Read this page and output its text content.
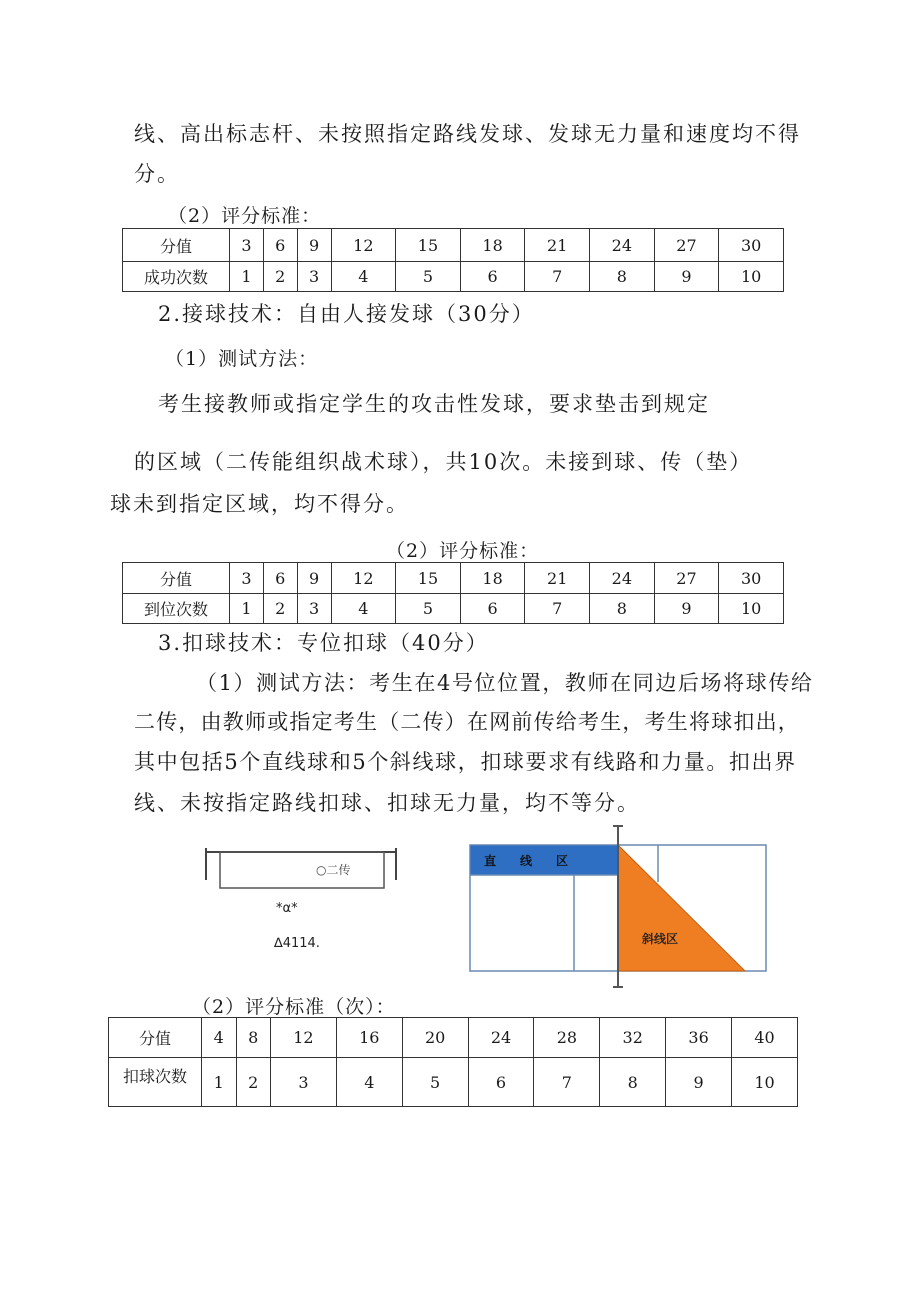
线、高出标志杆、未按照指定路线发球、发球无力量和速度均不得
分。
（2）评分标准：
分值	3	6	9	12	15	18	21	24	27	30
成功次数	1	2	3	4	5	6	7	8	9	10
2.接球技术：自由人接发球（30分）
（1）测试方法：
考生接教师或指定学生的攻击性发球，要求垫击到规定
的区域（二传能组织战术球），共10次。未接到球、传（垫）
球未到指定区域，均不得分。
（2）评分标准：
分值	3	6	9	12	15	18	21	24	27	30
到位次数	1	2	3	4	5	6	7	8	9	10
3.扣球技术：专位扣球（40分）
（1）测试方法：考生在4号位位置，教师在同边后场将球传给
二传，由教师或指定考生（二传）在网前传给考生，考生将球扣出，
其中包括5个直线球和5个斜线球，扣球要求有线路和力量。扣出界
线、未按指定路线扣球、扣球无力量，均不等分。
○二传
*α*
∆4114.
直　　线　　区
斜线区
（2）评分标准（次）：
分值	4	8	12	16	20	24	28	32	36	40
扣球次数	1	2	3	4	5	6	7	8	9	10
